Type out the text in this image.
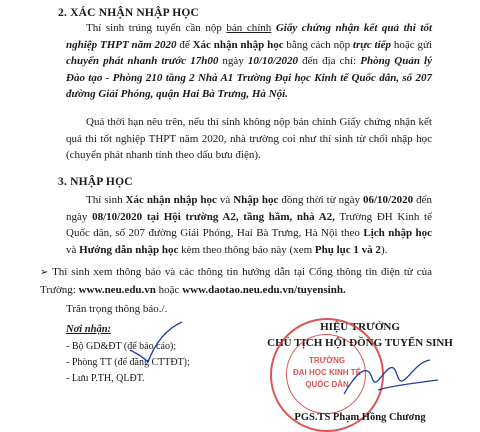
2. XÁC NHẬN NHẬP HỌC
Thí sinh trúng tuyển cần nộp bản chính Giấy chứng nhận kết quả thi tốt nghiệp THPT năm 2020 để Xác nhận nhập học bằng cách nộp trực tiếp hoặc gửi chuyển phát nhanh trước 17h00 ngày 10/10/2020 đến địa chỉ: Phòng Quản lý Đào tạo - Phòng 210 tầng 2 Nhà A1 Trường Đại học Kinh tế Quốc dân, số 207 đường Giải Phóng, quận Hai Bà Trưng, Hà Nội.
Quá thời hạn nêu trên, nếu thí sinh không nộp bản chính Giấy chứng nhận kết quả thi tốt nghiệp THPT năm 2020, nhà trường coi như thí sinh từ chối nhập học (chuyển phát nhanh tính theo dấu bưu điện).
3. NHẬP HỌC
Thí sinh Xác nhận nhập học và Nhập học đồng thời từ ngày 06/10/2020 đến ngày 08/10/2020 tại Hội trường A2, tầng hầm, nhà A2, Trường ĐH Kinh tế Quốc dân, số 207 đường Giải Phóng, Hai Bà Trưng, Hà Nội theo Lịch nhập học và Hướng dẫn nhập học kèm theo thông báo này (xem Phụ lục 1 và 2).
➢ Thí sinh xem thông báo và các thông tin hướng dẫn tại Cổng thông tin điện tử của Trường: www.neu.edu.vn hoặc www.daotao.neu.edu.vn/tuyensinh.
Trân trọng thông báo./.
Nơi nhận:
- Bộ GD&ĐT (để báo cáo);
- Phòng TT (để đăng CTTĐT);
- Lưu P.TH, QLĐT.
HIỆU TRƯỞNG
CHỦ TỊCH HỘI ĐỒNG TUYỂN SINH
TRƯỜNG
ĐẠI HỌC KINH TẾ
QUỐC DÂN
PGS.TS Phạm Hồng Chương
